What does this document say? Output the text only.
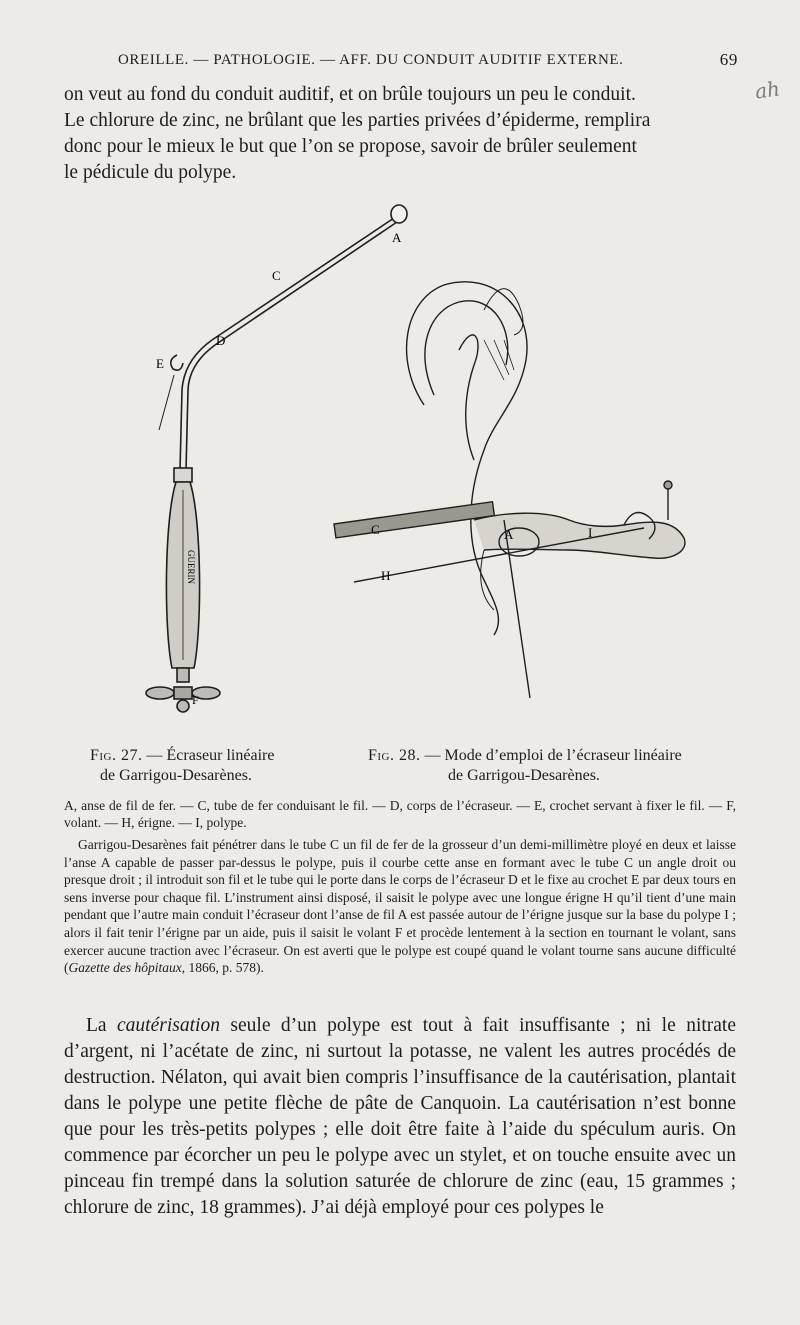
OREILLE. — PATHOLOGIE. — AFF. DU CONDUIT AUDITIF EXTERNE.	69
ah

on veut au fond du conduit auditif, et on brûle toujours un peu le conduit.

Le chlorure de zinc, ne brûlant que les parties privées d’épiderme, remplira

donc pour le mieux le but que l’on se propose, savoir de brûler seulement

le pédicule du polype.

A
C
D
E
F
GUERIN
C	A	I
H
Fig. 27. — Écraseur linéaire
de Garrigou-Desarènes.
Fig. 28. — Mode d’emploi de l’écraseur linéaire
de Garrigou-Desarènes.
A, anse de fil de fer. — C, tube de fer conduisant le fil. — D, corps de l’écraseur. — E, crochet servant à fixer le fil. — F, volant. — H, érigne. — I, polype.

Garrigou-Desarènes fait pénétrer dans le tube C un fil de fer de la grosseur d’un demi-millimètre ployé en deux et laisse l’anse A capable de passer par-dessus le polype, puis il courbe cette anse en formant avec le tube C un angle droit ou presque droit ; il introduit son fil et le tube qui le porte dans le corps de l’écraseur D et le fixe au crochet E par deux tours en sens inverse pour chaque fil. L’instrument ainsi disposé, il saisit le polype avec une longue érigne H qu’il tient d’une main pendant que l’autre main conduit l’écraseur dont l’anse de fil A est passée autour de l’érigne jusque sur la base du polype I ; alors il fait tenir l’érigne par un aide, puis il saisit le volant F et procède lentement à la section en tournant le volant, sans exercer aucune traction avec l’écraseur. On est averti que le polype est coupé quand le volant tourne sans aucune difficulté (Gazette des hôpitaux, 1866, p. 578).

La cautérisation seule d’un polype est tout à fait insuffisante ; ni le nitrate d’argent, ni l’acétate de zinc, ni surtout la potasse, ne valent les autres procédés de destruction. Nélaton, qui avait bien compris l’insuffisance de la cautérisation, plantait dans le polype une petite flèche de pâte de Canquoin. La cautérisation n’est bonne que pour les très-petits polypes ; elle doit être faite à l’aide du spéculum auris. On commence par écorcher un peu le polype avec un stylet, et on touche ensuite avec un pinceau fin trempé dans la solution saturée de chlorure de zinc (eau, 15 grammes ; chlorure de zinc, 18 grammes). J’ai déjà employé pour ces polypes le
